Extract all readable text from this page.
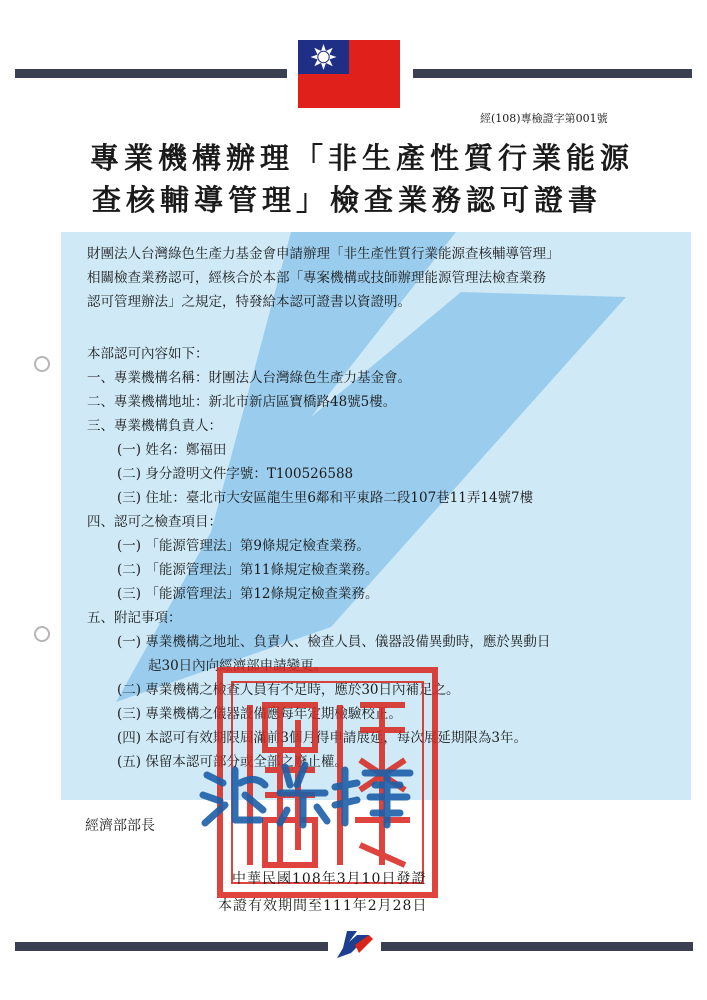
經(108)專檢證字第001號
專業機構辦理「非生產性質行業能源
查核輔導管理」檢查業務認可證書
財團法人台灣綠色生產力基金會申請辦理「非生產性質行業能源查核輔導管理」
相關檢查業務認可，經核合於本部「專案機構或技師辦理能源管理法檢查業務
認可管理辦法」之規定，特發給本認可證書以資證明。
本部認可內容如下：
一、專業機構名稱：財團法人台灣綠色生產力基金會。
二、專業機構地址：新北市新店區寶橋路48號5樓。
三、專業機構負責人：
(一) 姓名：鄭福田
(二) 身分證明文件字號：T100526588
(三) 住址：臺北市大安區龍生里6鄰和平東路二段107巷11弄14號7樓
四、認可之檢查項目：
(一) 「能源管理法」第9條規定檢查業務。
(二) 「能源管理法」第11條規定檢查業務。
(三) 「能源管理法」第12條規定檢查業務。
五、附記事項：
(一) 專業機構之地址、負責人、檢查人員、儀器設備異動時，應於異動日
起30日內向經濟部申請變更。
(二) 專業機構之檢查人員有不足時，應於30日內補足之。
(三) 專業機構之儀器設備應每年定期檢驗校正。
(四) 本認可有效期限屆滿前3個月得申請展延，每次展延期限為3年。
(五) 保留本認可部分或全部之廢止權。
經濟部部長
中華民國108年3月10日發證
本證有效期間至111年2月28日
